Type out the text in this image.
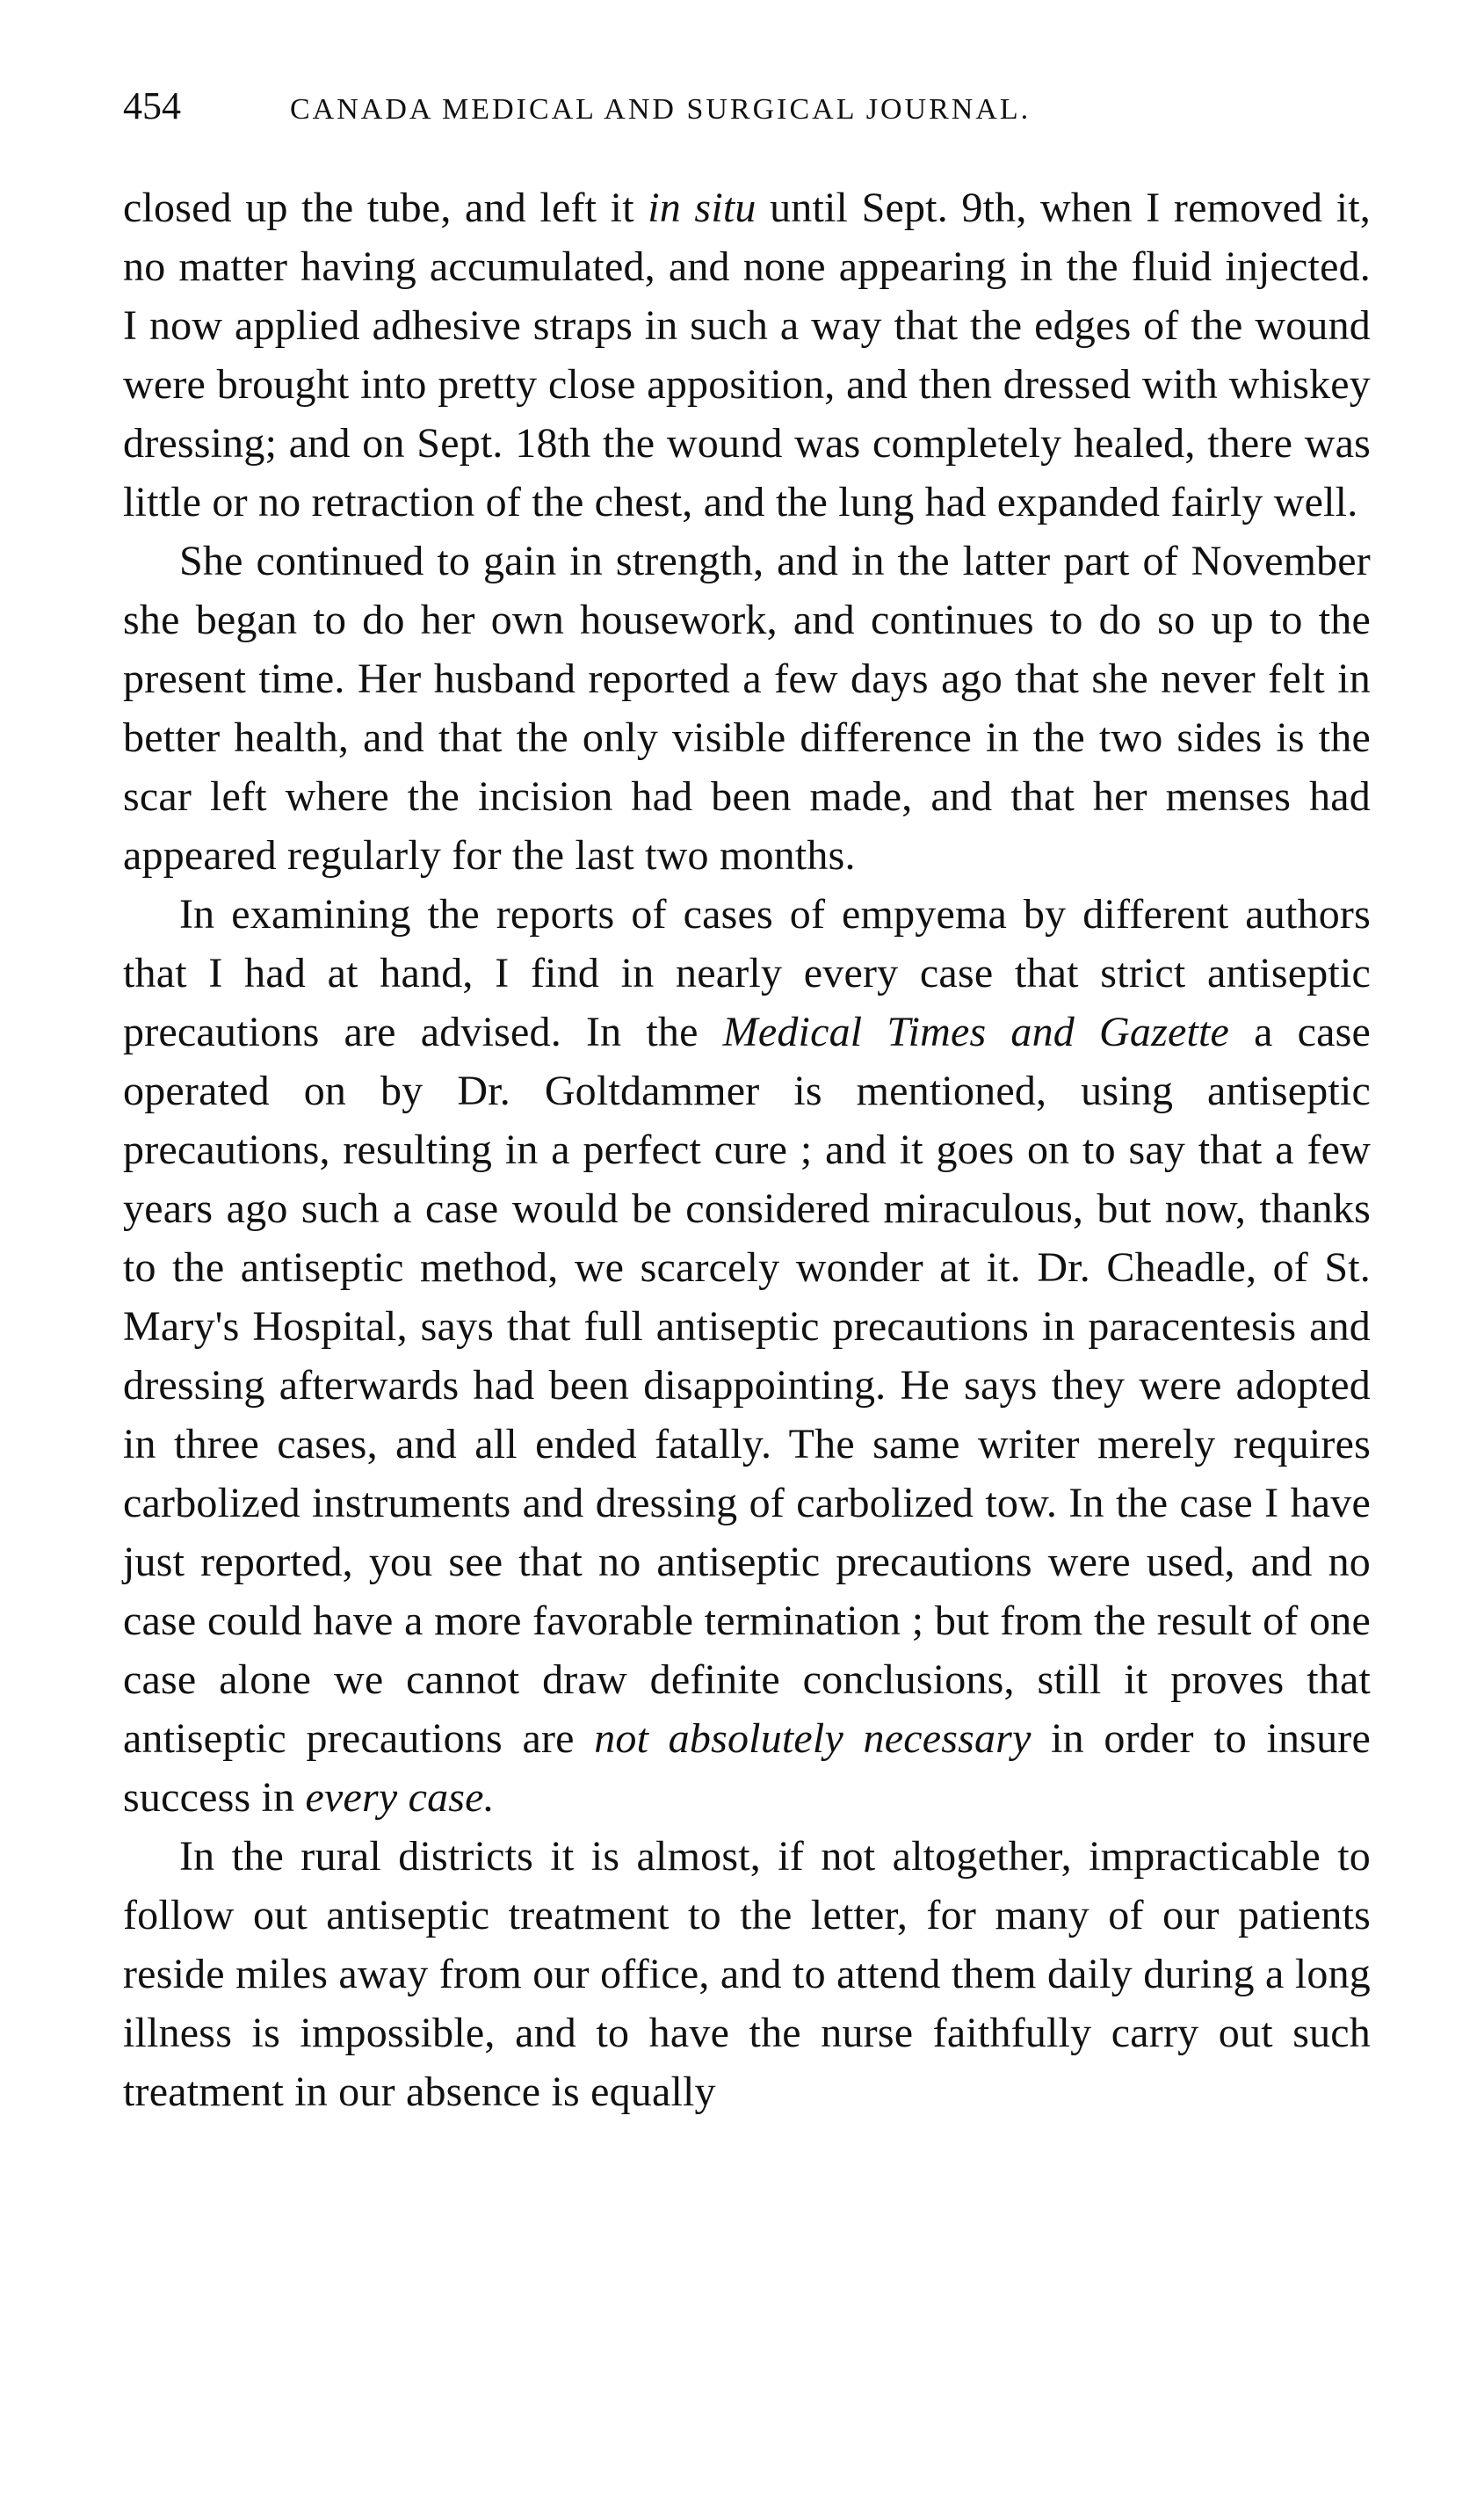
454	CANADA MEDICAL AND SURGICAL JOURNAL.

closed up the tube, and left it in situ until Sept. 9th, when I removed it, no matter having accumulated, and none appearing in the fluid injected. I now applied adhesive straps in such a way that the edges of the wound were brought into pretty close apposition, and then dressed with whiskey dressing; and on Sept. 18th the wound was completely healed, there was little or no retraction of the chest, and the lung had expanded fairly well.

She continued to gain in strength, and in the latter part of November she began to do her own housework, and continues to do so up to the present time. Her husband reported a few days ago that she never felt in better health, and that the only visible difference in the two sides is the scar left where the incision had been made, and that her menses had appeared regularly for the last two months.

In examining the reports of cases of empyema by different authors that I had at hand, I find in nearly every case that strict antiseptic precautions are advised. In the Medical Times and Gazette a case operated on by Dr. Goltdammer is mentioned, using antiseptic precautions, resulting in a perfect cure ; and it goes on to say that a few years ago such a case would be considered miraculous, but now, thanks to the antiseptic method, we scarcely wonder at it. Dr. Cheadle, of St. Mary's Hospital, says that full antiseptic precautions in paracentesis and dressing afterwards had been disappointing. He says they were adopted in three cases, and all ended fatally. The same writer merely requires carbolized instruments and dressing of carbolized tow. In the case I have just reported, you see that no antiseptic precautions were used, and no case could have a more favorable termination ; but from the result of one case alone we cannot draw definite conclusions, still it proves that antiseptic precautions are not absolutely necessary in order to insure success in every case.

In the rural districts it is almost, if not altogether, impracticable to follow out antiseptic treatment to the letter, for many of our patients reside miles away from our office, and to attend them daily during a long illness is impossible, and to have the nurse faithfully carry out such treatment in our absence is equally
